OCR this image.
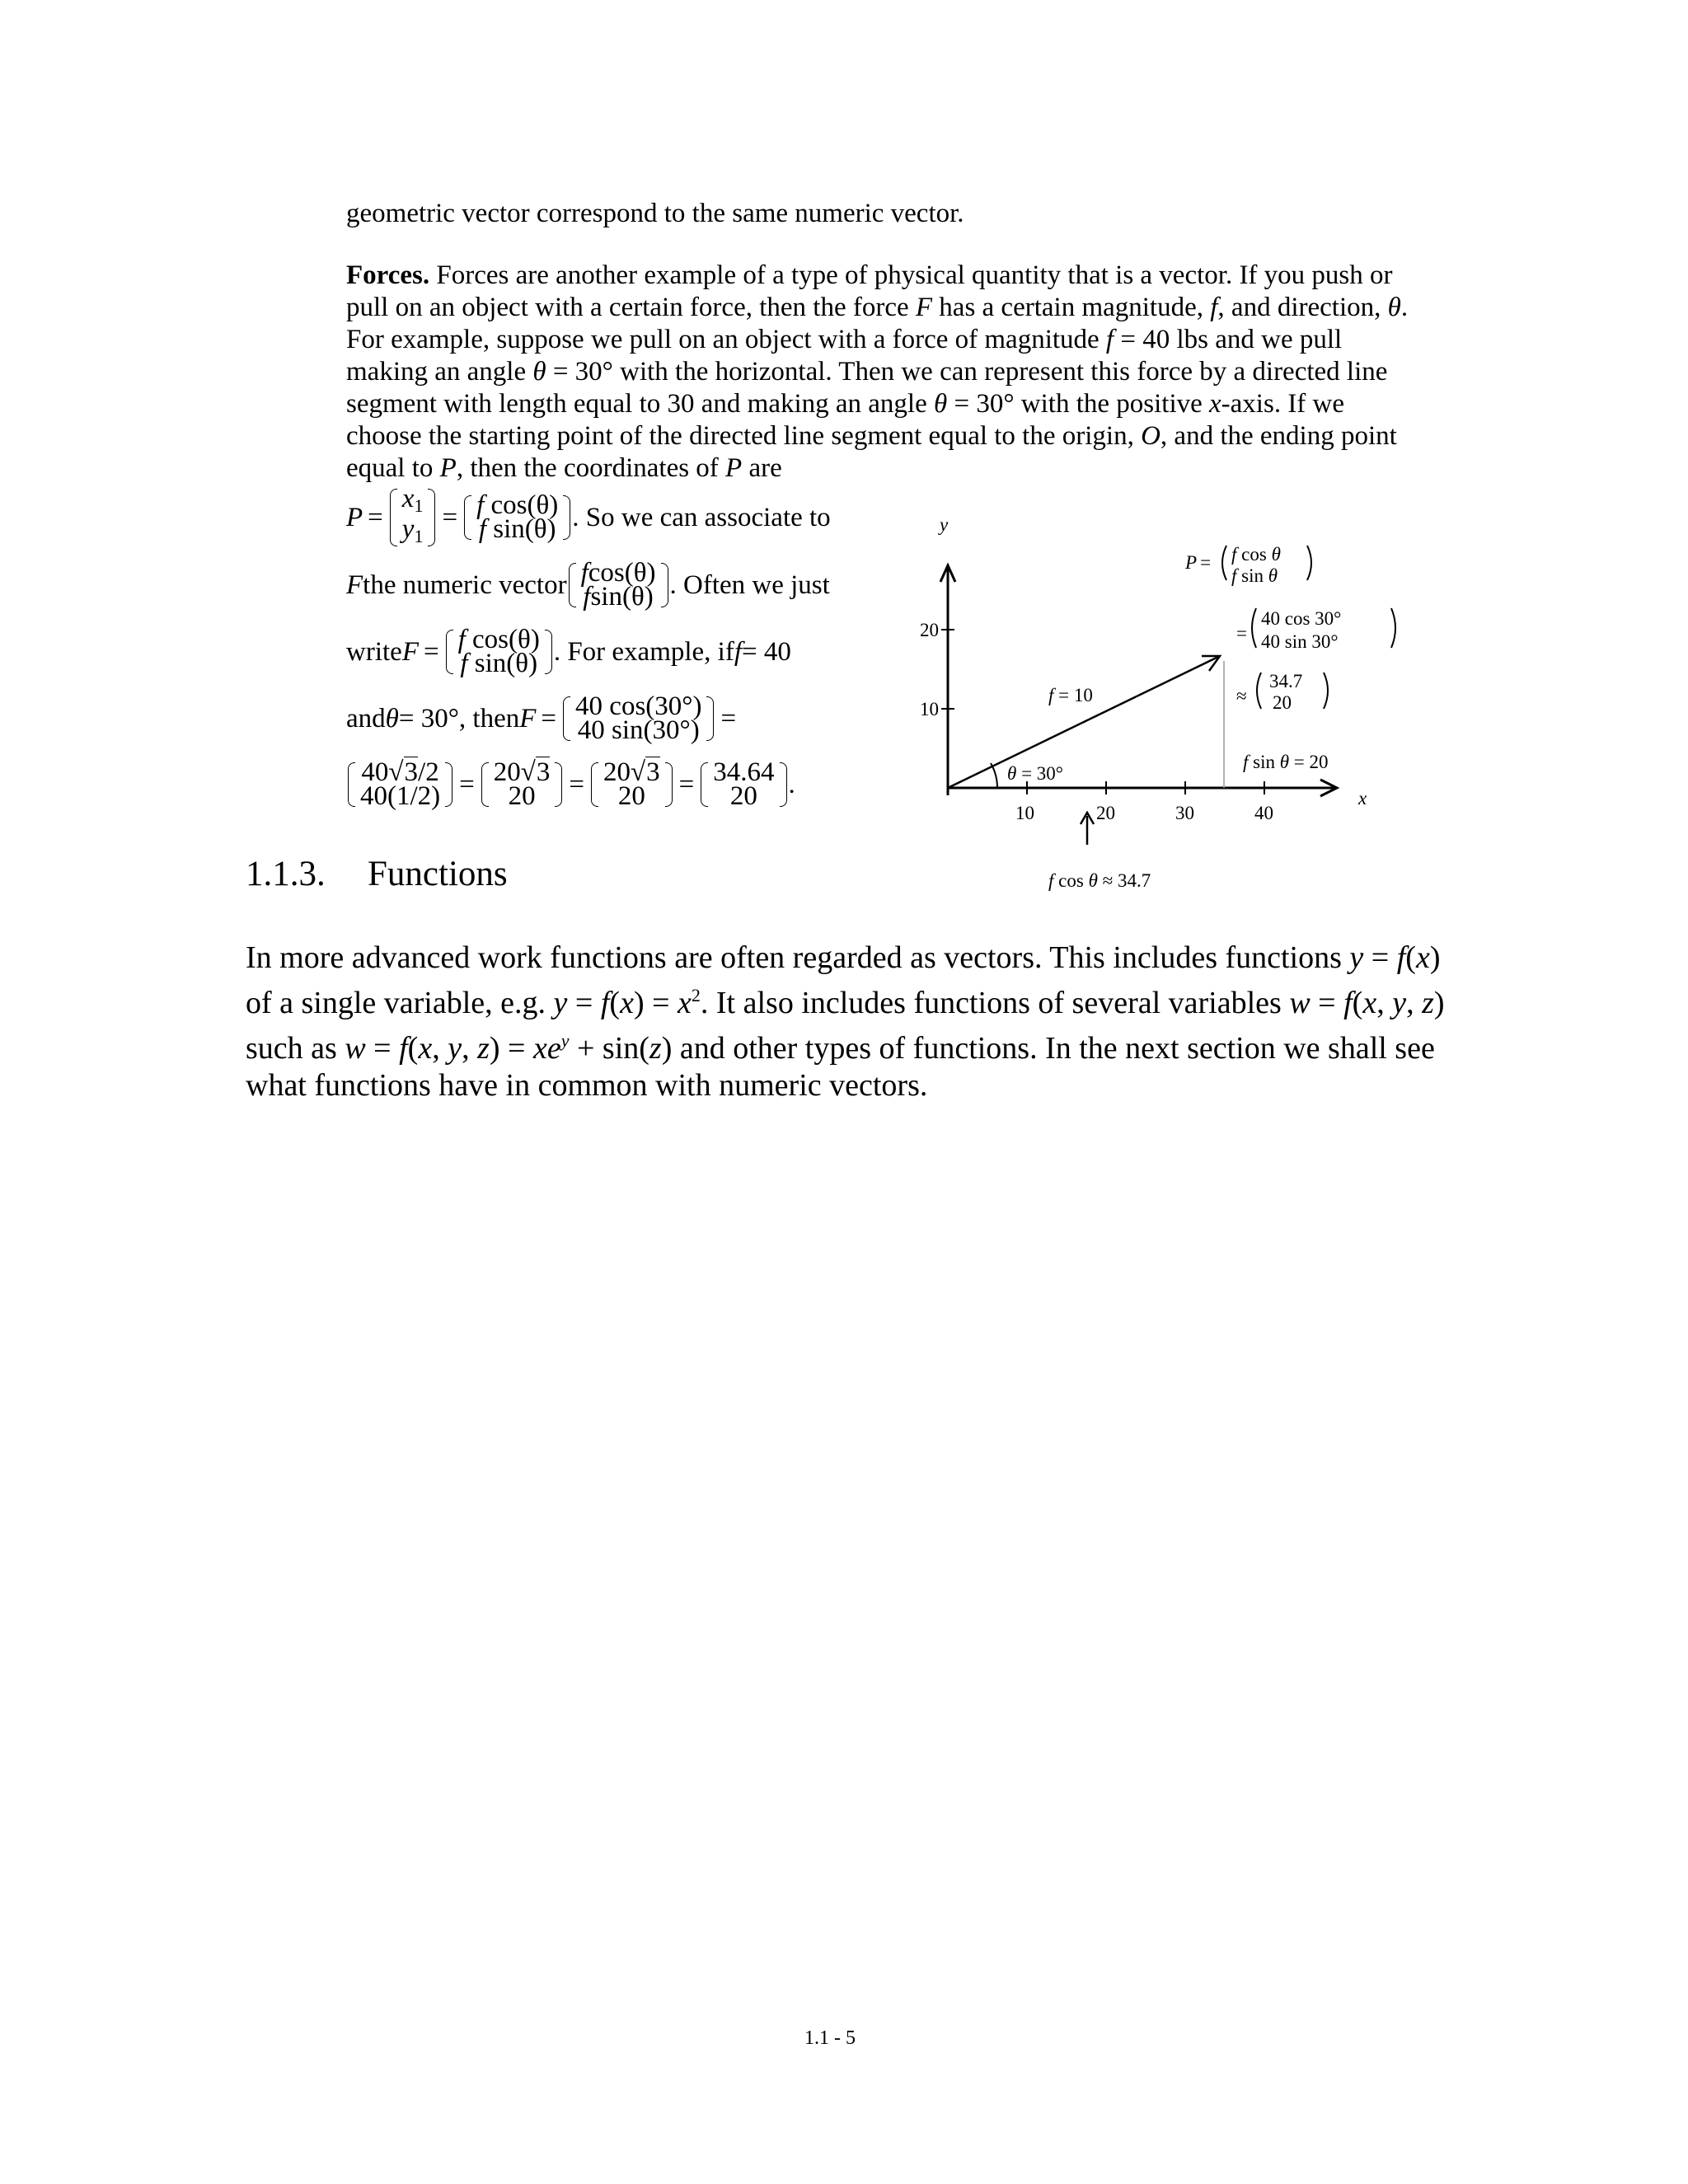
geometric vector correspond to the same numeric vector.
Forces. Forces are another example of a type of physical quantity that is a vector. If you push or pull on an object with a certain force, then the force F has a certain magnitude, f, and direction, θ. For example, suppose we pull on an object with a force of magnitude f = 40 lbs and we pull making an angle θ = 30° with the horizontal. Then we can represent this force by a directed line segment with length equal to 30 and making an angle θ = 30° with the positive x-axis. If we choose the starting point of the directed line segment equal to the origin, O, and the ending point equal to P, then the coordinates of P are
P =
$x_1$
$y_1$
= f cos(θ)
f sin(θ) . So we can associate to
F the numeric vector fcos(θ)
fsin(θ) . Often we just
write F = f cos(θ)
f sin(θ) . For example, if f = 40
and θ = 30°, then F = 40 cos(30°)
40 sin(30°) =
40√3/2
40(1/2) = 20√3
20 = 20√3
20 = 34.64
20 .
y
x
10	20	30	40
10
20
θ = 30°
f = 10
f sin θ = 20
f cos θ ≈ 34.7
P = f cos θ
f sin θ
=
40 cos 30°
40 sin 30°
≈
34.7
20
1.1.3. Functions
In more advanced work functions are often regarded as vectors. This includes functions y = f(x) of a single variable, e.g. $y = f(x) = x^2$. It also includes functions of several variables w = f(x, y, z) such as w = f(x, y, $z) = xe^y + \sin(z)$ and other types of functions. In the next section we shall see what functions have in common with numeric vectors.
1.1 - 5
